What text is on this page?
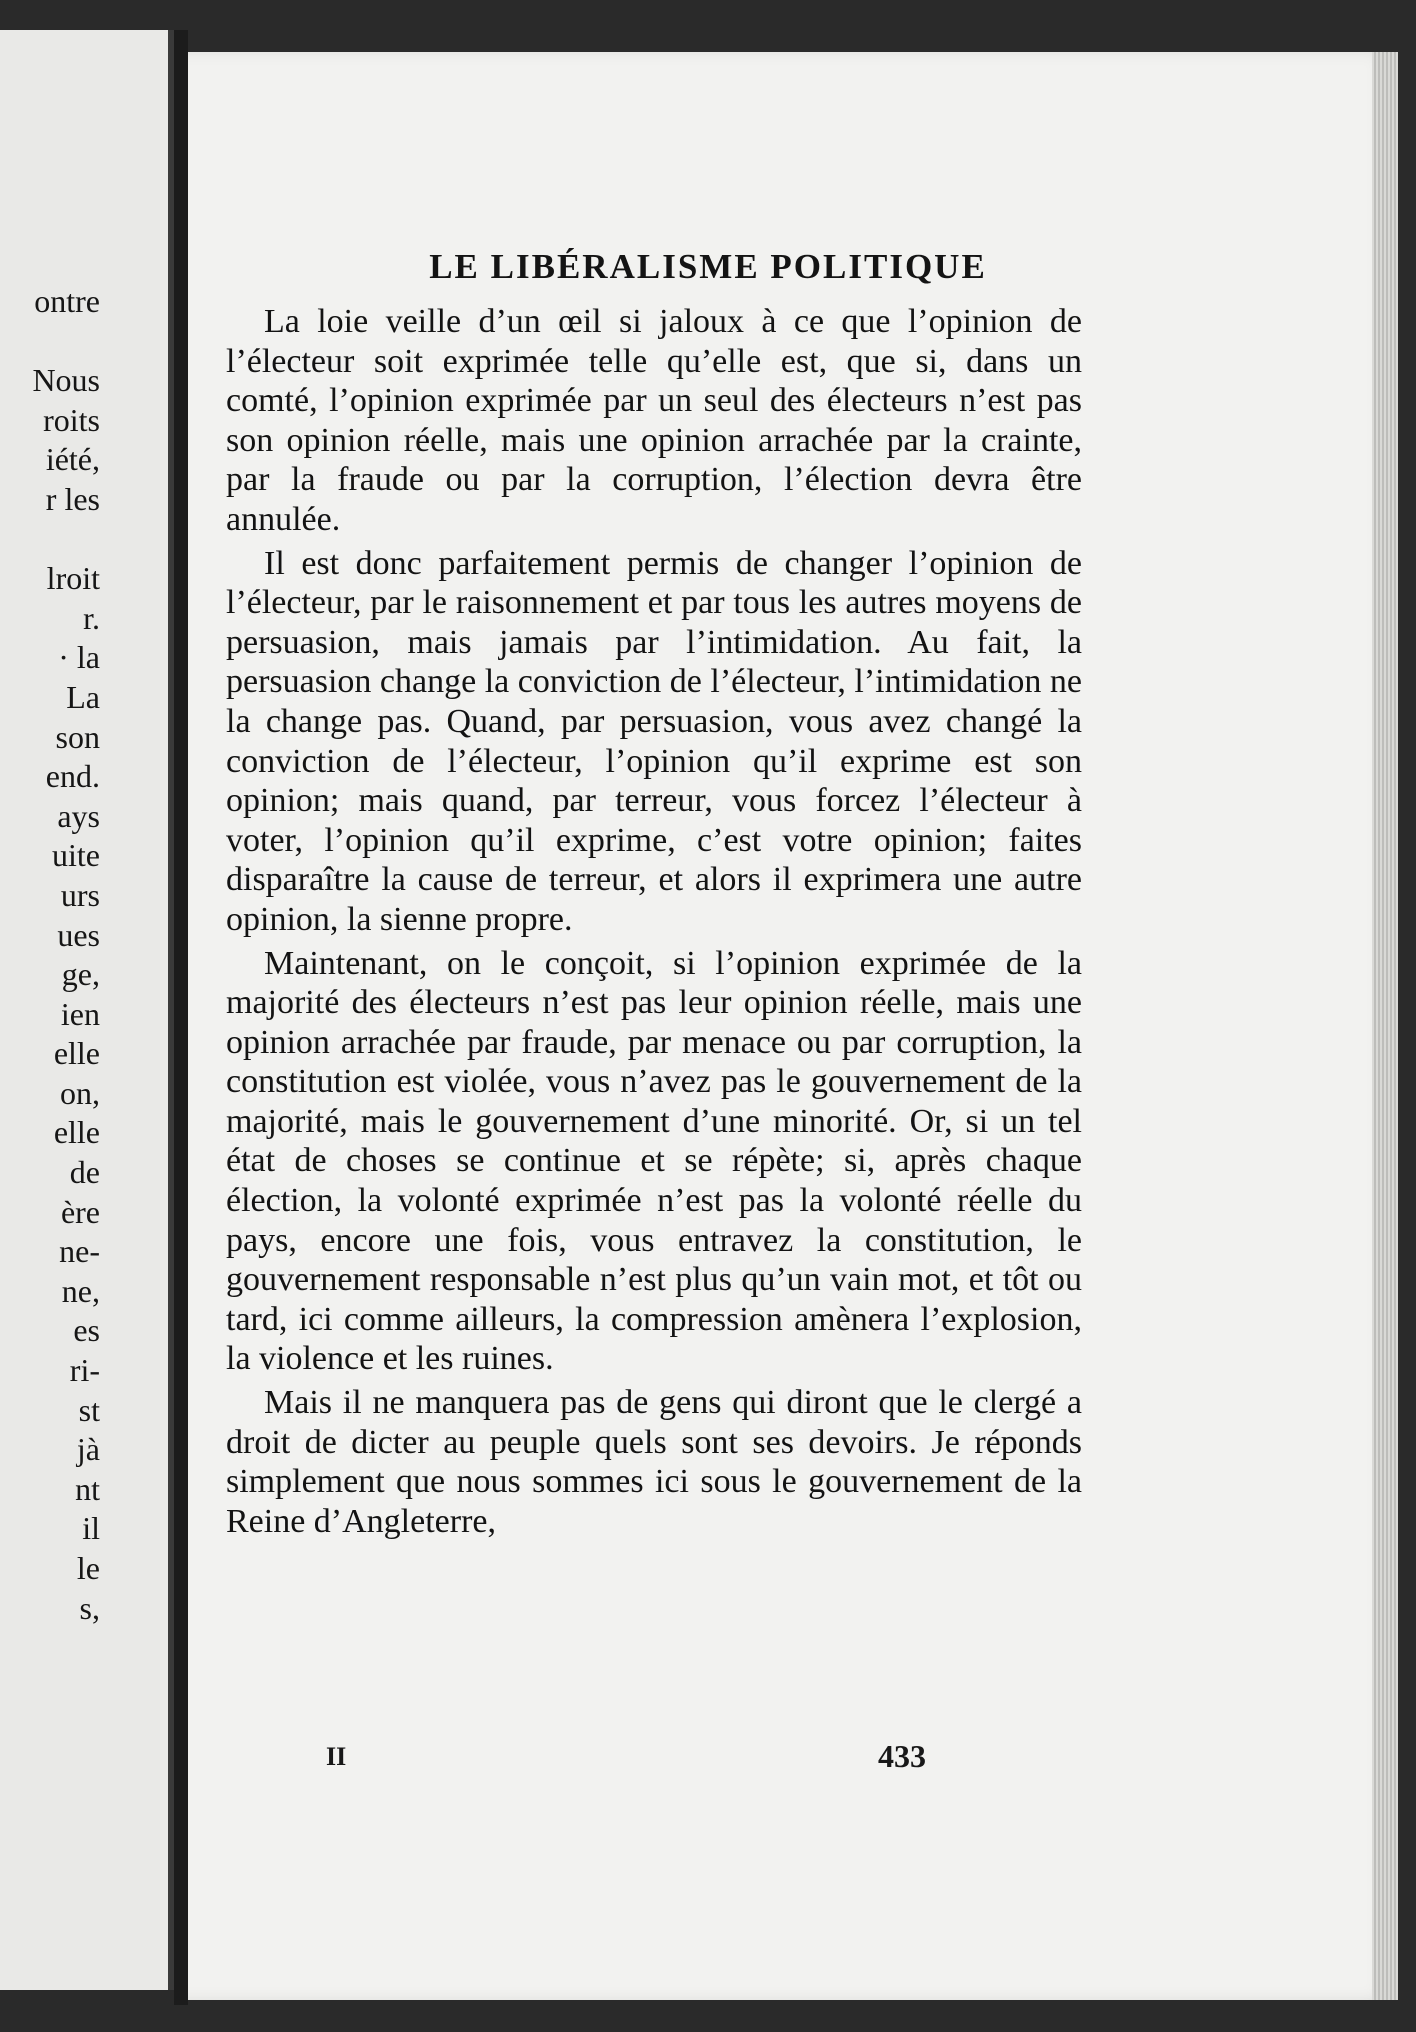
ontre
Nous
roits
iété,
r les
lroit
r.
· la
La
son
end.
ays
uite
urs
ues
ge,
ien
elle
on,
elle
de
ère
ne-
ne,
es
ri-
st
jà
nt
il
le
s,
LE LIBÉRALISME POLITIQUE

La loie veille d’un œil si jaloux à ce que l’opinion de l’électeur soit exprimée telle qu’elle est, que si, dans un comté, l’opinion exprimée par un seul des électeurs n’est pas son opinion réelle, mais une opinion arrachée par la crainte, par la fraude ou par la corruption, l’élection devra être annulée.

Il est donc parfaitement permis de changer l’opinion de l’électeur, par le raisonnement et par tous les autres moyens de persuasion, mais jamais par l’intimidation. Au fait, la persuasion change la conviction de l’électeur, l’intimidation ne la change pas. Quand, par persuasion, vous avez changé la conviction de l’électeur, l’opinion qu’il exprime est son opinion; mais quand, par terreur, vous forcez l’électeur à voter, l’opinion qu’il exprime, c’est votre opinion; faites disparaître la cause de terreur, et alors il exprimera une autre opinion, la sienne propre.

Maintenant, on le conçoit, si l’opinion exprimée de la majorité des électeurs n’est pas leur opinion réelle, mais une opinion arrachée par fraude, par menace ou par corruption, la constitution est violée, vous n’avez pas le gouvernement de la majorité, mais le gouvernement d’une minorité. Or, si un tel état de choses se continue et se répète; si, après chaque élection, la volonté exprimée n’est pas la volonté réelle du pays, encore une fois, vous entravez la constitution, le gouvernement responsable n’est plus qu’un vain mot, et tôt ou tard, ici comme ailleurs, la compression amènera l’explosion, la violence et les ruines.

Mais il ne manquera pas de gens qui diront que le clergé a droit de dicter au peuple quels sont ses devoirs. Je réponds simplement que nous sommes ici sous le gouvernement de la Reine d’Angleterre,

II	433
